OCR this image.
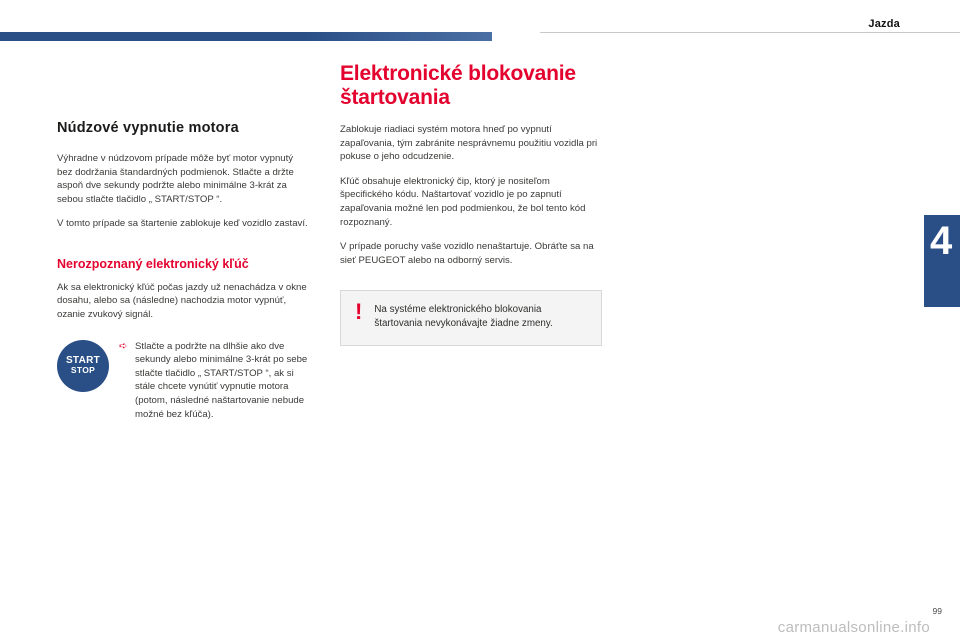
Jazda
4
Núdzové vypnutie motora

Výhradne v núdzovom prípade môže byť motor vypnutý bez dodržania štandardných podmienok. Stlačte a držte aspoň dve sekundy podržte alebo minimálne 3-krát za sebou stlačte tlačidlo „ START/STOP “.

V tomto prípade sa štartenie zablokuje keď vozidlo zastaví.

Nerozpoznaný elektronický kľúč

Ak sa elektronický kľúč počas jazdy už nenachádza v okne dosahu, alebo sa (následne) nachodzia motor vypnúť, ozanie zvukový signál.

START
STOP
➪ Stlačte a podržte na dlhšie ako dve sekundy alebo minimálne 3-krát po sebe stlačte tlačidlo „ START/STOP “, ak si stále chcete vynútiť vypnutie motora (potom, následné naštartovanie nebude možné bez kľúča).

Elektronické blokovanie štartovania

Zablokuje riadiaci systém motora hneď po vypnutí zapaľovania, tým zabránite nesprávnemu použitiu vozidla pri pokuse o jeho odcudzenie.

Kľúč obsahuje elektronický čip, ktorý je nositeľom špecifického kódu. Naštartovať vozidlo je po zapnutí zapaľovania možné len pod podmienkou, že bol tento kód rozpoznaný.

V prípade poruchy vaše vozidlo nenaštartuje. Obráťte sa na sieť PEUGEOT alebo na odborný servis.

! Na systéme elektronického blokovania štartovania nevykonávajte žiadne zmeny.
99
carmanualsonline.info
